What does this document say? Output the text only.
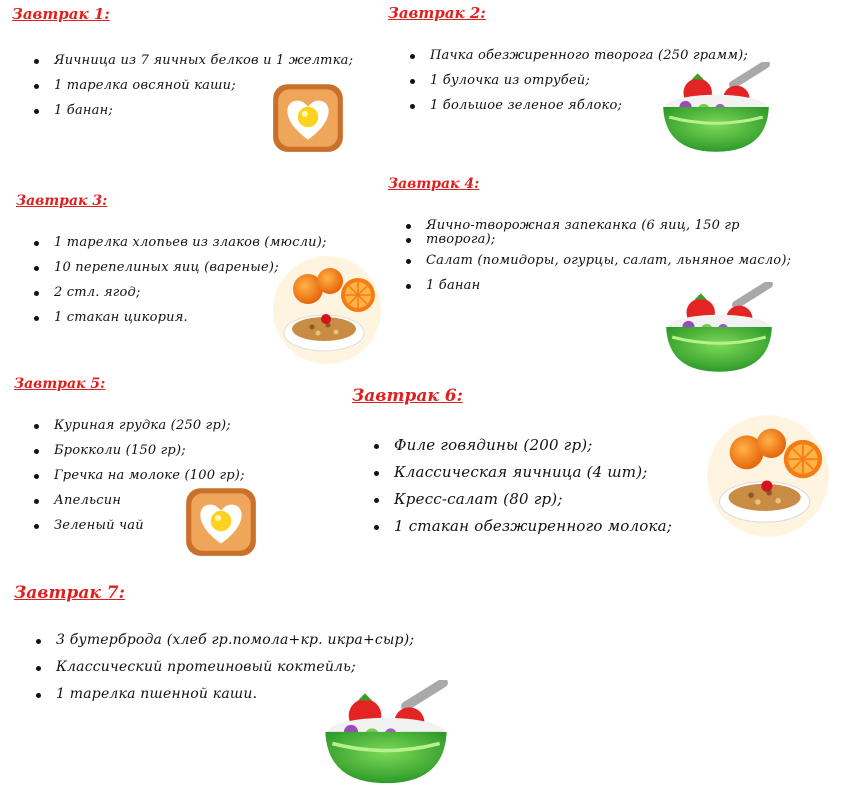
Завтрак 1:
Яичница из 7 яичных белков и 1 желтка;
1 тарелка овсяной каши;
1 банан;
Завтрак 2:
Пачка обезжиренного творога (250 грамм);
1 булочка из отрубей;
1 большое зеленое яблоко;
Завтрак 3:
1 тарелка хлопьев из злаков (мюсли);
10 перепелиных яиц (вареные);
2 стл. ягод;
1 стакан цикория.
Завтрак 4:
Яично-творожная запеканка (6 яиц, 150 гр
творога);
Салат (помидоры, огурцы, салат, льняное масло);
1 банан
Завтрак 5:
Куриная грудка (250 гр);
Брокколи (150 гр);
Гречка на молоке (100 гр);
Апельсин
Зеленый чай
Завтрак 6:
Филе говядины (200 гр);
Классическая яичница (4 шт);
Кресс-салат (80 гр);
1 стакан обезжиренного молока;
Завтрак 7:
3 бутерброда (хлеб гр.помола+кр. икра+сыр);
Классический протеиновый коктейль;
1 тарелка пшенной каши.
